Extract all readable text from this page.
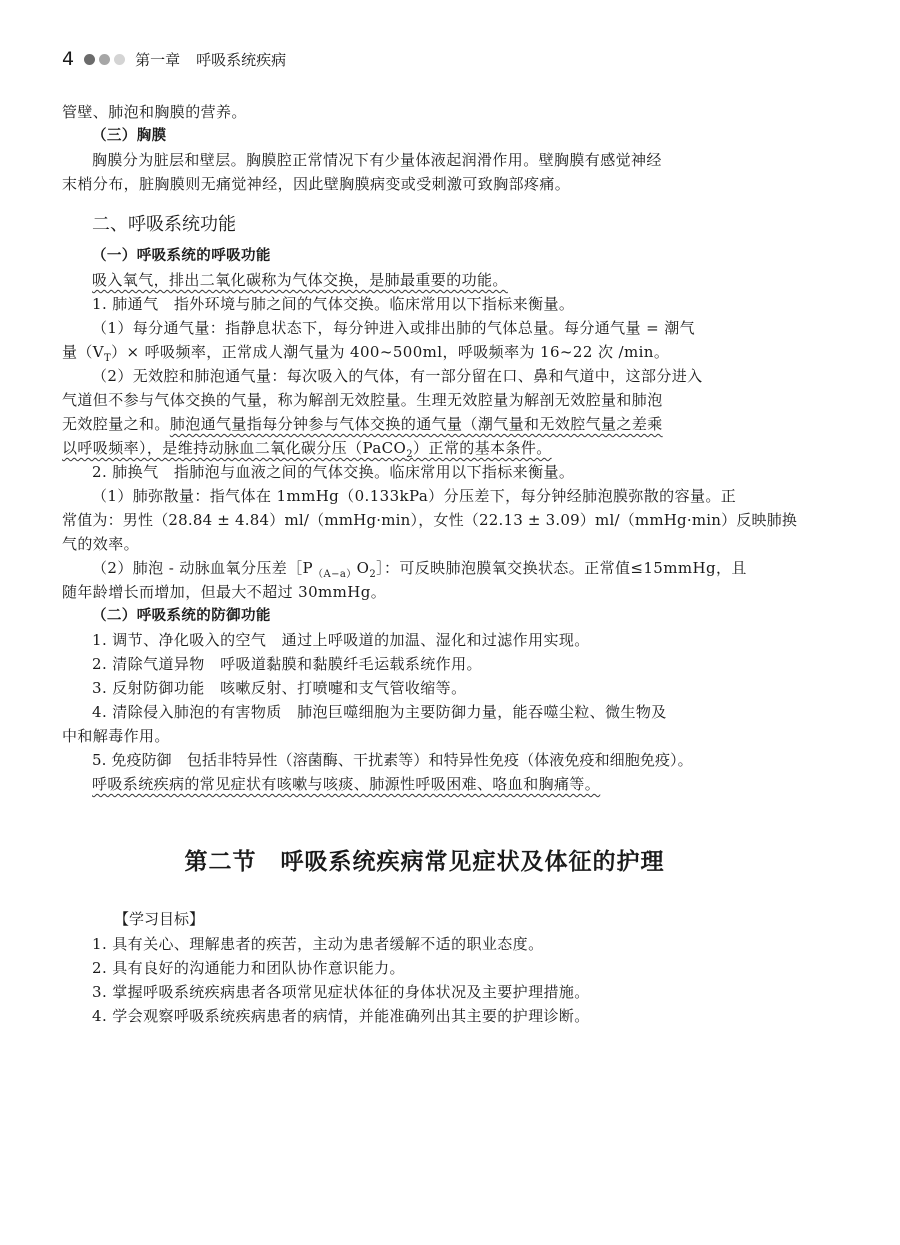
4	第一章 呼吸系统疾病
管壁、肺泡和胸膜的营养。
（三）胸膜
胸膜分为脏层和壁层。胸膜腔正常情况下有少量体液起润滑作用。壁胸膜有感觉神经
末梢分布，脏胸膜则无痛觉神经，因此壁胸膜病变或受刺激可致胸部疼痛。
二、呼吸系统功能
（一）呼吸系统的呼吸功能
吸入氧气，排出二氧化碳称为气体交换，是肺最重要的功能。
1. 肺通气　指外环境与肺之间的气体交换。临床常用以下指标来衡量。
（1）每分通气量：指静息状态下，每分钟进入或排出肺的气体总量。每分通气量 = 潮气
量$(V_T)\times$ 呼吸频率，正常成人潮气量为 400~500ml，呼吸频率为 16~22 次 /min。
（2）无效腔和肺泡通气量：每次吸入的气体，有一部分留在口、鼻和气道中，这部分进入
气道但不参与气体交换的气量，称为解剖无效腔量。生理无效腔量为解剖无效腔量和肺泡
无效腔量之和。肺泡通气量指每分钟参与气体交换的通气量（潮气量和无效腔气量之差乘
以呼吸频率），是维持动脉血二氧化碳分压（PaCO$_2$）正常的基本条件。
2. 肺换气　指肺泡与血液之间的气体交换。临床常用以下指标来衡量。
（1）肺弥散量：指气体在 1mmHg（0.133kPa）分压差下，每分钟经肺泡膜弥散的容量。正
常值为：男性（28.84 ± 4.84）ml/（mmHg·min），女性（22.13 ± 3.09）ml/（mmHg·min）反映肺换
气的效率。
（2）肺泡 - 动脉血氧分压差$[P_{(A-a)}O_2]$：可反映肺泡膜氧交换状态。正常值≤15mmHg，且
随年龄增长而增加，但最大不超过 30mmHg。
（二）呼吸系统的防御功能
1. 调节、净化吸入的空气　通过上呼吸道的加温、湿化和过滤作用实现。
2. 清除气道异物　呼吸道黏膜和黏膜纤毛运载系统作用。
3. 反射防御功能　咳嗽反射、打喷嚏和支气管收缩等。
4. 清除侵入肺泡的有害物质　肺泡巨噬细胞为主要防御力量，能吞噬尘粒、微生物及
中和解毒作用。
5. 免疫防御　包括非特异性（溶菌酶、干扰素等）和特异性免疫（体液免疫和细胞免疫）。
呼吸系统疾病的常见症状有咳嗽与咳痰、肺源性呼吸困难、咯血和胸痛等。
第二节　呼吸系统疾病常见症状及体征的护理
【学习目标】
1. 具有关心、理解患者的疾苦，主动为患者缓解不适的职业态度。
2. 具有良好的沟通能力和团队协作意识能力。
3. 掌握呼吸系统疾病患者各项常见症状体征的身体状况及主要护理措施。
4. 学会观察呼吸系统疾病患者的病情，并能准确列出其主要的护理诊断。
